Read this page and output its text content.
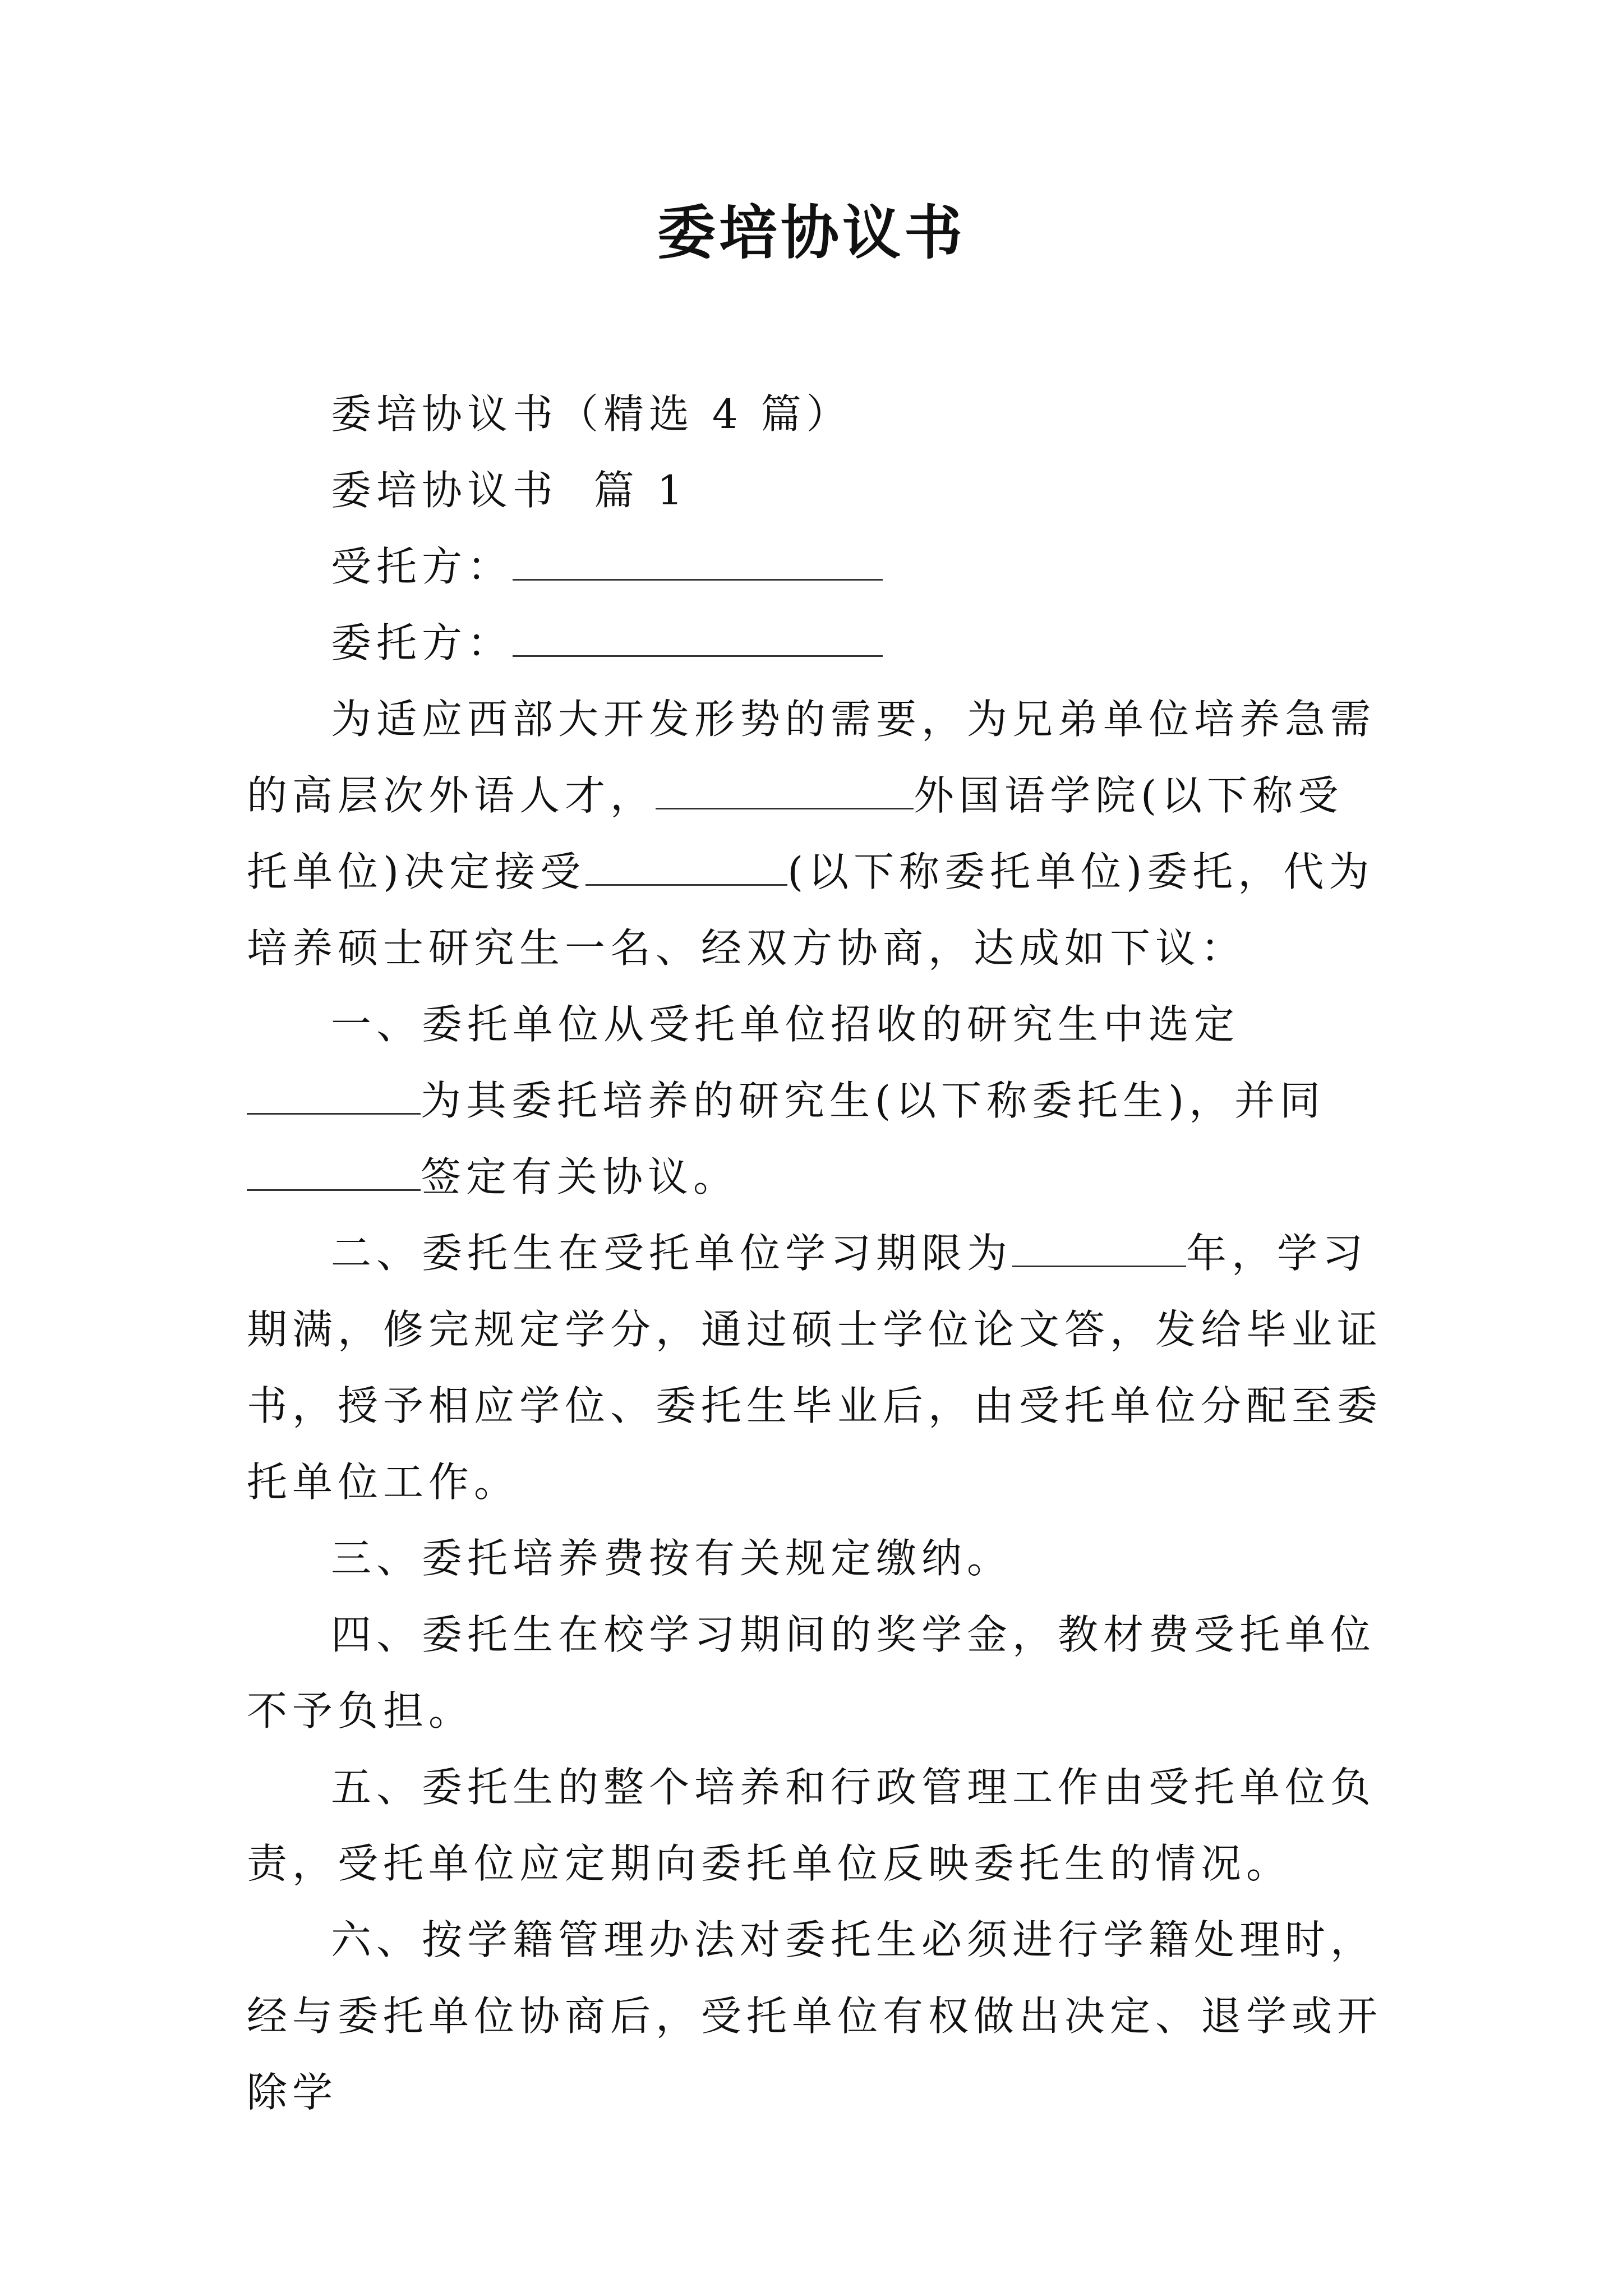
委培协议书

委培协议书（精选 4 篇）

委培协议书  篇 1

受托方：

委托方：

为适应西部大开发形势的需要，为兄弟单位培养急需的高层次外语人才，	外国语学院(以下称受托单位)决定接受	(以下称委托单位)委托，代为培养硕士研究生一名、经双方协商，达成如下议：

一、委托单位从受托单位招收的研究生中选定为其委托培养的研究生(以下称委托生)，并同签定有关协议。

二、委托生在受托单位学习期限为	年，学习期满，修完规定学分，通过硕士学位论文答，发给毕业证书，授予相应学位、委托生毕业后，由受托单位分配至委托单位工作。

三、委托培养费按有关规定缴纳。

四、委托生在校学习期间的奖学金，教材费受托单位不予负担。

五、委托生的整个培养和行政管理工作由受托单位负责，受托单位应定期向委托单位反映委托生的情况。

六、按学籍管理办法对委托生必须进行学籍处理时，经与委托单位协商后，受托单位有权做出决定、退学或开除学
